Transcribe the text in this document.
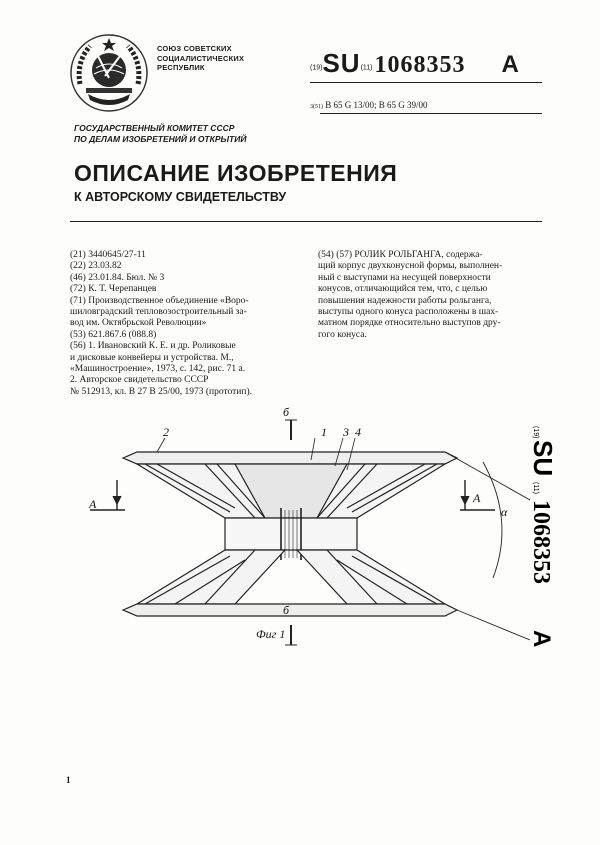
СОЮЗ СОВЕТСКИХ
СОЦИАЛИСТИЧЕСКИХ
РЕСПУБЛИК	(19)SU(11)1068353 A
3(51) B 65 G 13/00; B 65 G 39/00
ГОСУДАРСТВЕННЫЙ КОМИТЕТ СССР
ПО ДЕЛАМ ИЗОБРЕТЕНИЙ И ОТКРЫТИЙ
ОПИСАНИЕ ИЗОБРЕТЕНИЯ
К АВТОРСКОМУ СВИДЕТЕЛЬСТВУ
(21) 3440645/27-11
(22) 23.03.82
(46) 23.01.84. Бюл. № 3
(72) К. Т. Черепанцев
(71) Производственное объединение «Воро-
шиловградский тепловозостроительный за-
вод им. Октябрьской Революции»
(53) 621.867.6 (088.8)
(56) 1. Ивановский К. Е. и др. Роликовые
и дисковые конвейеры и устройства. М.,
«Машиностроение», 1973, с. 142, рис. 71 а.
2. Авторское свидетельство СССР
№ 512913, кл. В 27 В 25/00, 1973 (прототип).
(54) (57) РОЛИК РОЛЬГАНГА, содержа-
щий корпус двухконусной формы, выполнен-
ный с выступами на несущей поверхности
конусов, отличающийся тем, что, с целью
повышения надежности работы рольганга,
выступы одного конуса расположены в шах-
матном порядке относительно выступов дру-
гого конуса.
(19)
SU
(11)
1068353
A
б
б
А	А
α
2	1 3 4
Фиг 1
1
